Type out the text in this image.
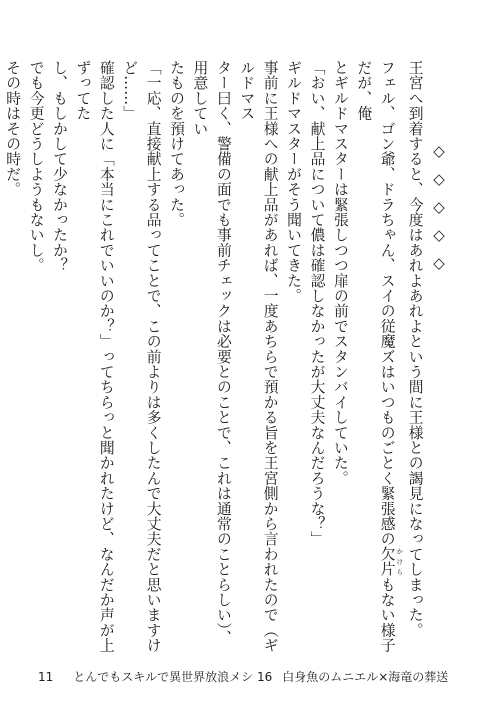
◇◇◇◇◇
王宮へ到着すると、今度はあれよあれよという間に王様との謁見になってしまった。
フェル、ゴン爺、ドラちゃん、スイの従魔ズはいつものごとく緊張感の欠片 かけらもない様子だが、俺
とギルドマスターは緊張しつつ扉の前でスタンバイしていた。
「おい、献上品について儂は確認しなかったが大丈夫なんだろうな？」
ギルドマスターがそう聞いてきた。
事前に王様への献上品があれば、一度あちらで預かる旨を王宮側から言われたので（ギルドマス
ター曰く、警備の面でも事前チェックは必要とのことで、これは通常のことらしい）、用意してい
たものを預けてあった。
「一応、直接献上する品ってことで、この前よりは多くしたんで大丈夫だと思いますけど……」
確認した人に「本当にこれでいいのか？」ってちらっと聞かれたけど、なんだか声が上ずってた
し、もしかして少なかったか？
でも今更どうしようもないし。
その時はその時だ。
11 とんでもスキルで異世界放浪メシ 16 白身魚のムニエル×海竜の葬送
